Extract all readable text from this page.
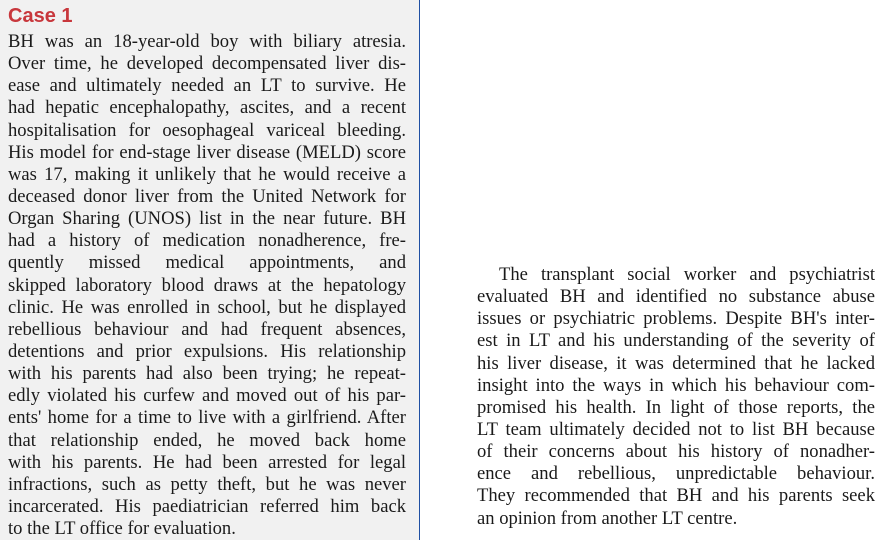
Case 1
BH was an 18-year-old boy with biliary atresia.
Over time, he developed decompensated liver dis-
ease and ultimately needed an LT to survive. He
had hepatic encephalopathy, ascites, and a recent
hospitalisation for oesophageal variceal bleeding.
His model for end-stage liver disease (MELD) score
was 17, making it unlikely that he would receive a
deceased donor liver from the United Network for
Organ Sharing (UNOS) list in the near future. BH
had a history of medication nonadherence, fre-
quently missed medical appointments, and
skipped laboratory blood draws at the hepatology
clinic. He was enrolled in school, but he displayed
rebellious behaviour and had frequent absences,
detentions and prior expulsions. His relationship
with his parents had also been trying; he repeat-
edly violated his curfew and moved out of his par-
ents' home for a time to live with a girlfriend. After
that relationship ended, he moved back home
with his parents. He had been arrested for legal
infractions, such as petty theft, but he was never
incarcerated. His paediatrician referred him back
to the LT office for evaluation.
The transplant social worker and psychiatrist
evaluated BH and identified no substance abuse
issues or psychiatric problems. Despite BH's inter-
est in LT and his understanding of the severity of
his liver disease, it was determined that he lacked
insight into the ways in which his behaviour com-
promised his health. In light of those reports, the
LT team ultimately decided not to list BH because
of their concerns about his history of nonadher-
ence and rebellious, unpredictable behaviour.
They recommended that BH and his parents seek
an opinion from another LT centre.
